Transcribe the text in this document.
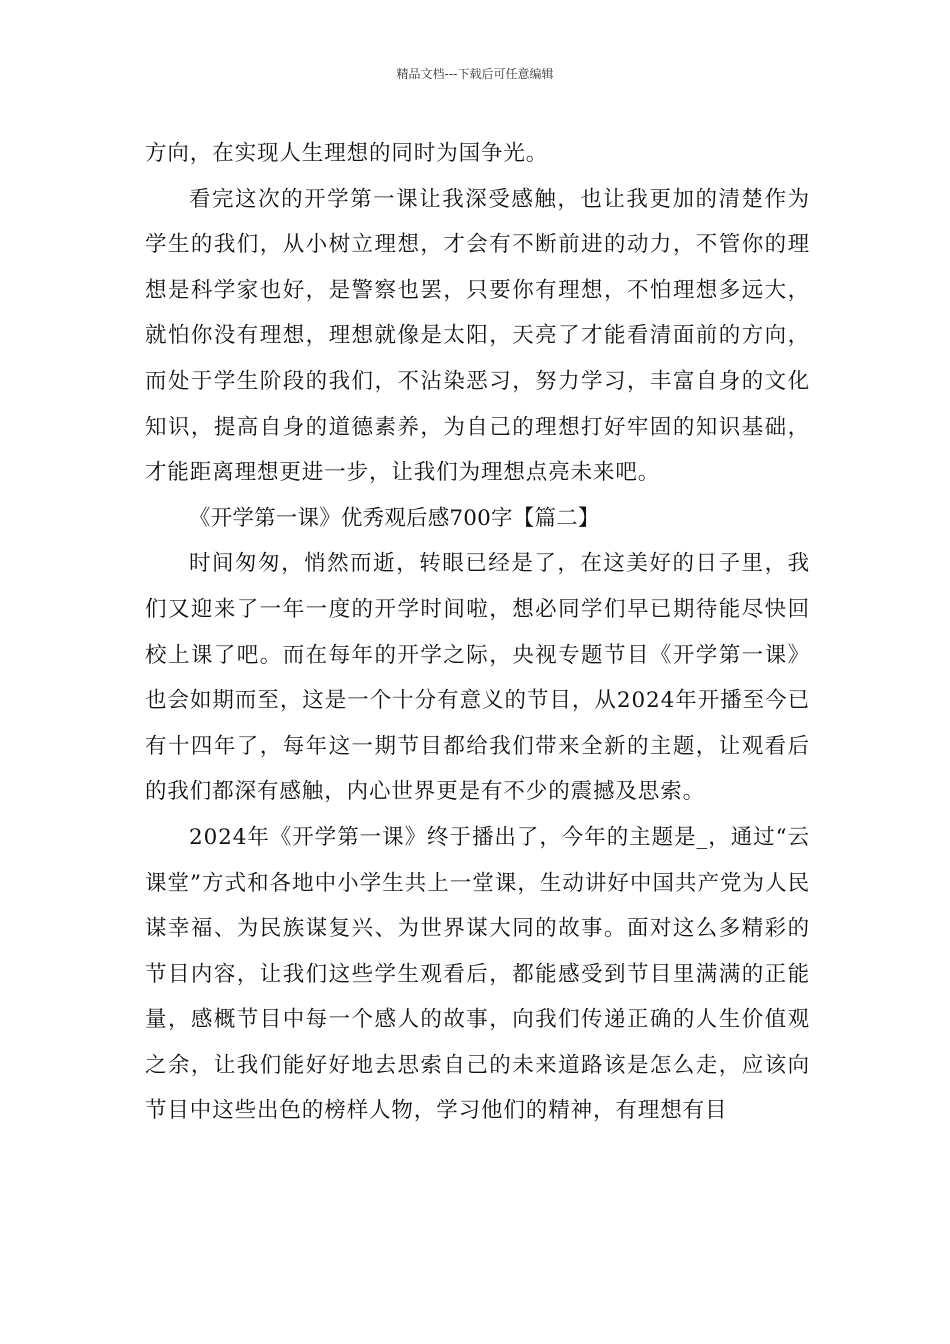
精品文档---下载后可任意编辑

方向，在实现人生理想的同时为国争光。

看完这次的开学第一课让我深受感触，也让我更加的清楚作为学生的我们，从小树立理想，才会有不断前进的动力，不管你的理想是科学家也好，是警察也罢，只要你有理想，不怕理想多远大，就怕你没有理想，理想就像是太阳，天亮了才能看清面前的方向，而处于学生阶段的我们，不沾染恶习，努力学习，丰富自身的文化知识，提高自身的道德素养，为自己的理想打好牢固的知识基础，才能距离理想更进一步，让我们为理想点亮未来吧。

《开学第一课》优秀观后感700字【篇二】

时间匆匆，悄然而逝，转眼已经是了，在这美好的日子里，我们又迎来了一年一度的开学时间啦，想必同学们早已期待能尽快回校上课了吧。而在每年的开学之际，央视专题节目《开学第一课》也会如期而至，这是一个十分有意义的节目，从2024年开播至今已有十四年了，每年这一期节目都给我们带来全新的主题，让观看后的我们都深有感触，内心世界更是有不少的震撼及思索。

2024年《开学第一课》终于播出了，今年的主题是_，通过“云课堂”方式和各地中小学生共上一堂课，生动讲好中国共产党为人民谋幸福、为民族谋复兴、为世界谋大同的故事。面对这么多精彩的节目内容，让我们这些学生观看后，都能感受到节目里满满的正能量，感概节目中每一个感人的故事，向我们传递正确的人生价值观之余，让我们能好好地去思索自己的未来道路该是怎么走，应该向节目中这些出色的榜样人物，学习他们的精神，有理想有目
